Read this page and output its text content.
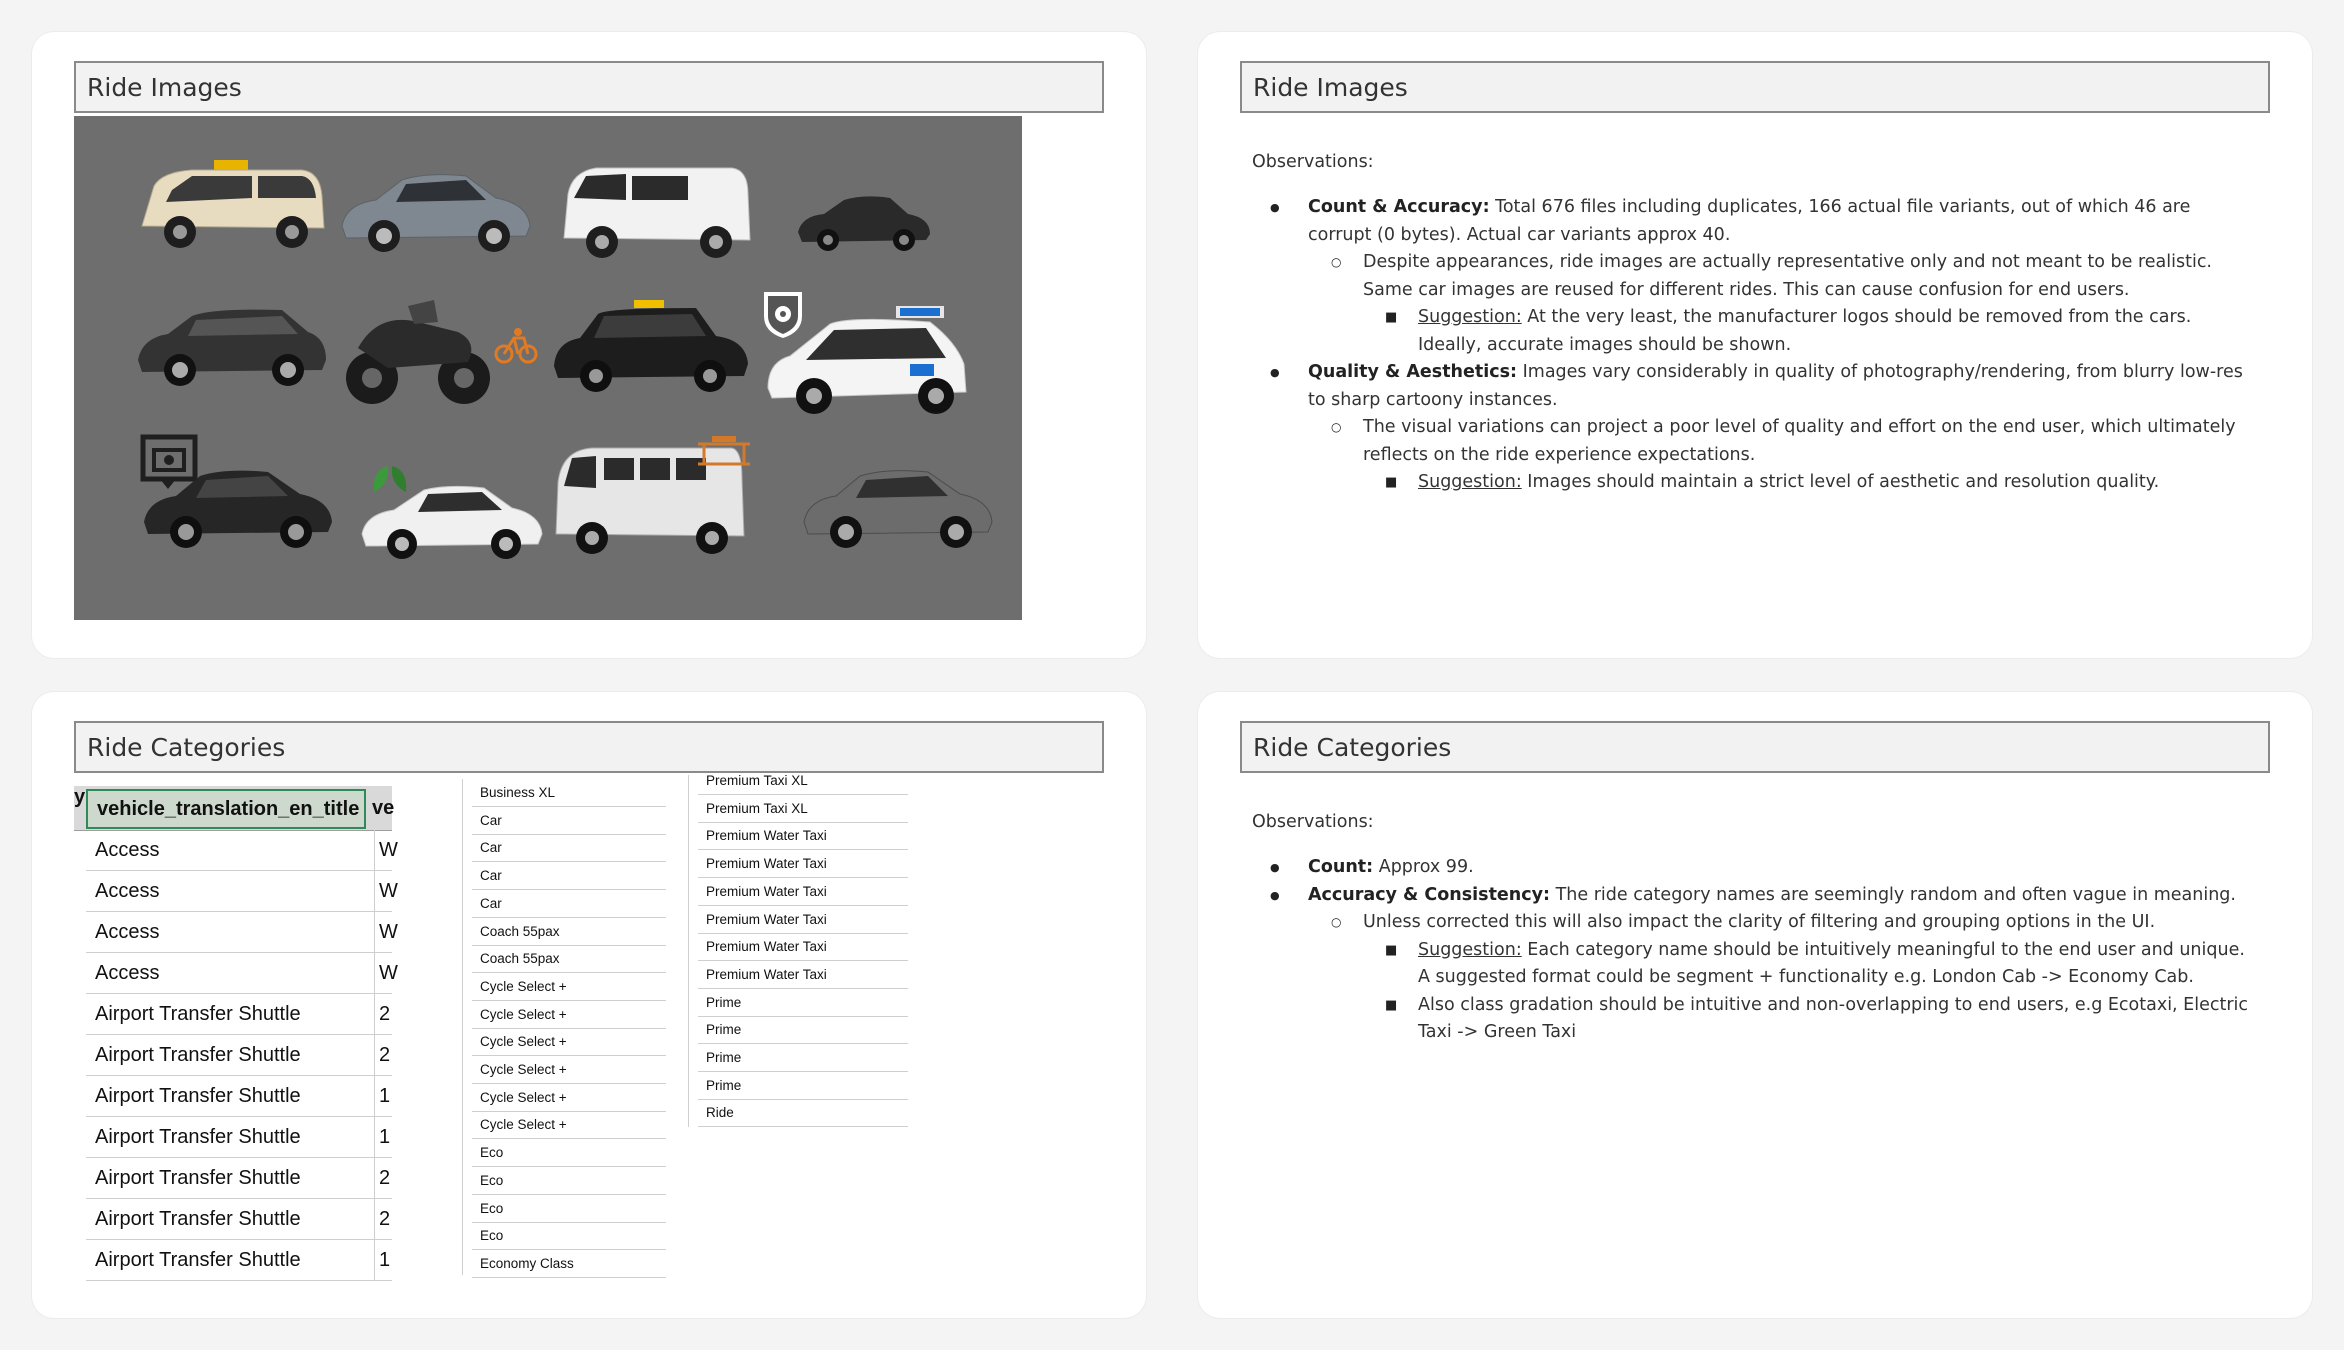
Ride Images	Ride Images
Observations:
● Count & Accuracy: Total 676 files including duplicates, 166 actual file variants, out of which 46 are corrupt (0 bytes). Actual car variants approx 40.
○ Despite appearances, ride images are actually representative only and not meant to be realistic. Same car images are reused for different rides. This can cause confusion for end users.
■ Suggestion: At the very least, the manufacturer logos should be removed from the cars. Ideally, accurate images should be shown.
● Quality & Aesthetics: Images vary considerably in quality of photography/rendering, from blurry low-res to sharp cartoony instances.
○ The visual variations can project a poor level of quality and effort on the end user, which ultimately reflects on the ride experience expectations.
■ Suggestion: Images should maintain a strict level of aesthetic and resolution quality.
Ride Categories
y
vehicle_translation_en_title ve
Access	W
Access	W
Access	W
Access	W
Airport Transfer Shuttle	2
Airport Transfer Shuttle	2
Airport Transfer Shuttle	1
Airport Transfer Shuttle	1
Airport Transfer Shuttle	2
Airport Transfer Shuttle	2
Airport Transfer Shuttle	1
Business XL
Car
Car
Car
Car
Coach 55pax
Coach 55pax
Cycle Select +
Cycle Select +
Cycle Select +
Cycle Select +
Cycle Select +
Cycle Select +
Eco
Eco
Eco
Eco
Economy Class
Premium Taxi XL
Premium Taxi XL
Premium Water Taxi
Premium Water Taxi
Premium Water Taxi
Premium Water Taxi
Premium Water Taxi
Premium Water Taxi
Prime
Prime
Prime
Prime
Ride
Ride Categories
Observations:
● Count: Approx 99.
● Accuracy & Consistency: The ride category names are seemingly random and often vague in meaning.
○ Unless corrected this will also impact the clarity of filtering and grouping options in the UI.
■ Suggestion: Each category name should be intuitively meaningful to the end user and unique. A suggested format could be segment + functionality e.g. London Cab -> Economy Cab.
■ Also class gradation should be intuitive and non-overlapping to end users, e.g Ecotaxi, Electric Taxi -> Green Taxi
